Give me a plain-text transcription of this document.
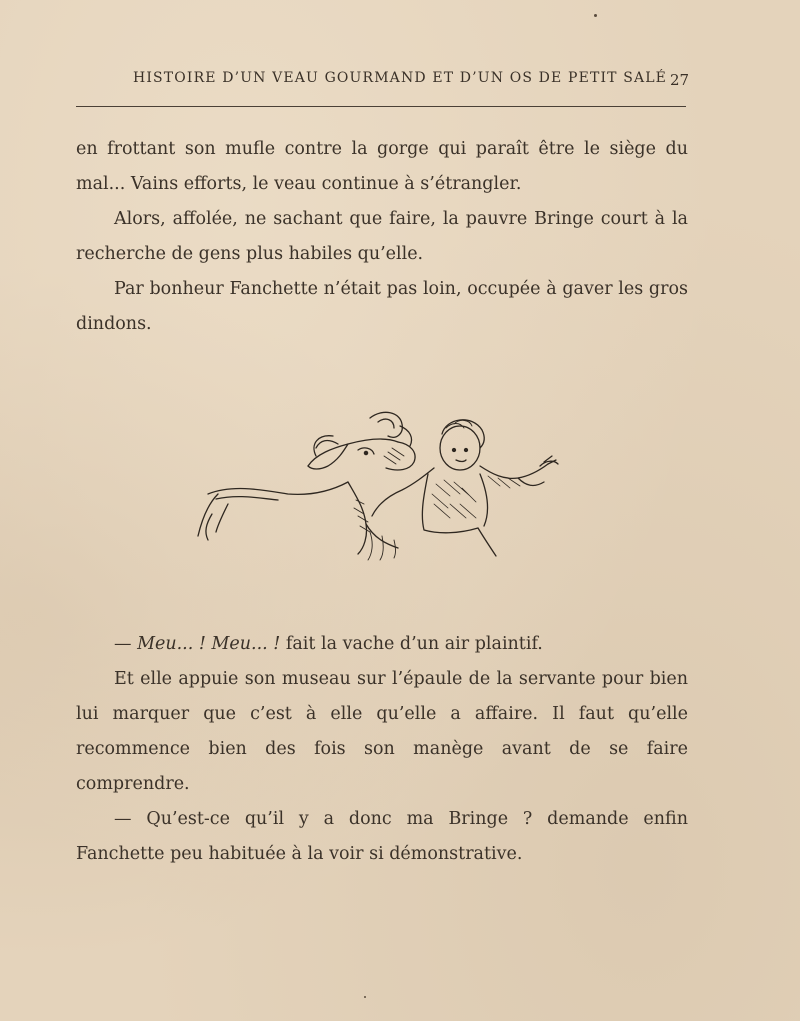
HISTOIRE D’UN VEAU GOURMAND ET D’UN OS DE PETIT SALÉ 27

en frottant son mufle contre la gorge qui paraît être le siège du mal... Vains efforts, le veau continue à s’étrangler.

Alors, affolée, ne sachant que faire, la pauvre Bringe court à la recherche de gens plus habiles qu’elle.

Par bonheur Fanchette n’était pas loin, occupée à gaver les gros dindons.

— Meu... ! Meu... ! fait la vache d’un air plaintif.

Et elle appuie son museau sur l’épaule de la servante pour bien lui marquer que c’est à elle qu’elle a affaire. Il faut qu’elle recommence bien des fois son manège avant de se faire comprendre.

— Qu’est-ce qu’il y a donc ma Bringe ? demande enfin Fanchette peu habituée à la voir si démonstrative.
